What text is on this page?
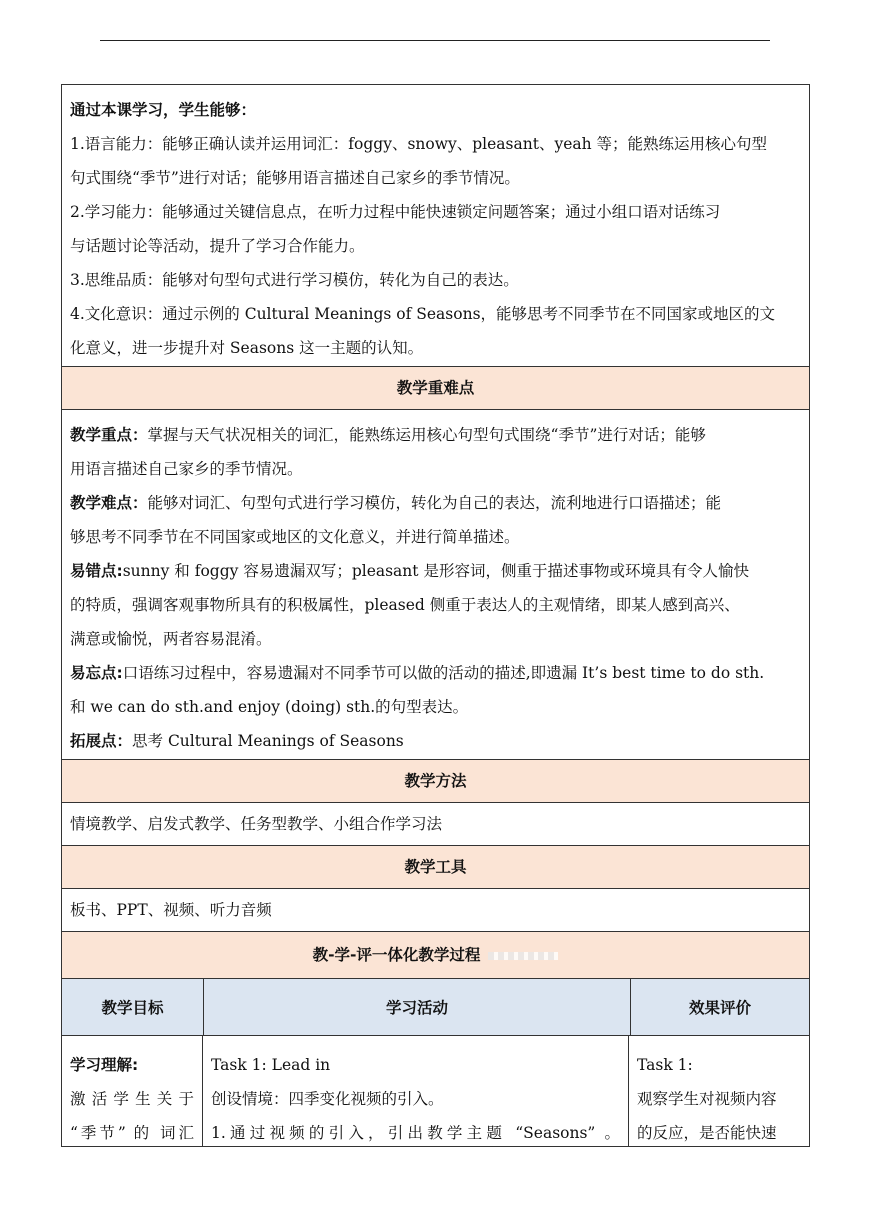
通过本课学习，学生能够：
1.语言能力：能够正确认读并运用词汇：foggy、snowy、pleasant、yeah 等；能熟练运用核心句型
句式围绕“季节”进行对话；能够用语言描述自己家乡的季节情况。
2.学习能力：能够通过关键信息点，在听力过程中能快速锁定问题答案；通过小组口语对话练习
与话题讨论等活动，提升了学习合作能力。
3.思维品质：能够对句型句式进行学习模仿，转化为自己的表达。
4.文化意识：通过示例的 Cultural Meanings of Seasons，能够思考不同季节在不同国家或地区的文
化意义，进一步提升对 Seasons 这一主题的认知。
教学重难点
教学重点：掌握与天气状况相关的词汇，能熟练运用核心句型句式围绕“季节”进行对话；能够
用语言描述自己家乡的季节情况。
教学难点：能够对词汇、句型句式进行学习模仿，转化为自己的表达，流利地进行口语描述；能
够思考不同季节在不同国家或地区的文化意义，并进行简单描述。
易错点:sunny 和 foggy 容易遗漏双写；pleasant 是形容词，侧重于描述事物或环境具有令人愉快
的特质，强调客观事物所具有的积极属性，pleased 侧重于表达人的主观情绪，即某人感到高兴、
满意或愉悦，两者容易混淆。
易忘点:口语练习过程中，容易遗漏对不同季节可以做的活动的描述,即遗漏 It’s best time to do sth.
和 we can do sth.and enjoy (doing) sth.的句型表达。
拓展点：思考 Cultural Meanings of Seasons
教学方法
情境教学、启发式教学、任务型教学、小组合作学习法
教学工具
板书、PPT、视频、听力音频
教-学-评一体化教学过程
教学目标	学习活动	效果评价
学习理解:
激 活 学 生 关 于
“季节” 的 词汇
Task 1: Lead in
创设情境：四季变化视频的引入。
1.通过视频的引入，引出教学主题 “Seasons” 。
Task 1:
观察学生对视频内容
的反应，是否能快速
